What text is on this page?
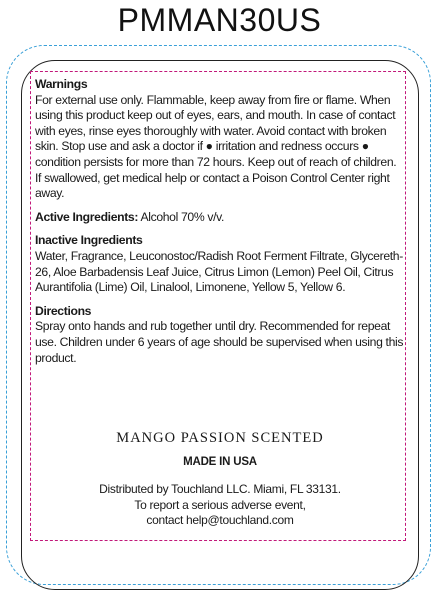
PMMAN30US
Warnings
For external use only. Flammable, keep away from fire or flame. When using this product keep out of eyes, ears, and mouth. In case of contact with eyes, rinse eyes thoroughly with water. Avoid contact with broken skin. Stop use and ask a doctor if ● irritation and redness occurs ● condition persists for more than 72 hours. Keep out of reach of children. If swallowed, get medical help or contact a Poison Control Center right away.
Active Ingredients: Alcohol 70% v/v.
Inactive Ingredients
Water, Fragrance, Leuconostoc/Radish Root Ferment Filtrate, Glycereth-26, Aloe Barbadensis Leaf Juice, Citrus Limon (Lemon) Peel Oil, Citrus Aurantifolia (Lime) Oil, Linalool, Limonene, Yellow 5, Yellow 6.
Directions
Spray onto hands and rub together until dry. Recommended for repeat use. Children under 6 years of age should be supervised when using this product.
MANGO PASSION SCENTED
MADE IN USA
Distributed by Touchland LLC. Miami, FL 33131.
To report a serious adverse event,
contact help@touchland.com
